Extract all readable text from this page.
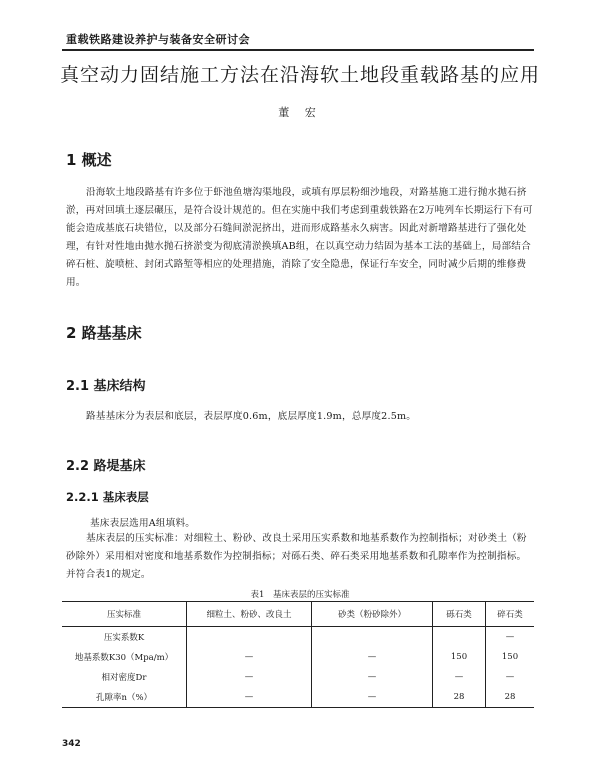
重载铁路建设养护与装备安全研讨会
真空动力固结施工方法在沿海软土地段重载路基的应用
董 宏
1 概述
沿海软土地段路基有许多位于虾池鱼塘沟渠地段，或填有厚层粉细沙地段，对路基施工进行抛水抛石挤淤，再对回填土逐层碾压，是符合设计规范的。但在实施中我们考虑到重载铁路在2万吨列车长期运行下有可能会造成基底石块错位，以及部分石缝间淤泥挤出，进而形成路基永久病害。因此对新增路基进行了强化处理，有针对性地由抛水抛石挤淤变为彻底清淤换填AB组，在以真空动力结固为基本工法的基础上，局部结合碎石桩、旋喷桩、封闭式路堑等相应的处理措施，消除了安全隐患，保证行车安全，同时减少后期的维修费用。
2 路基基床
2.1 基床结构
路基基床分为表层和底层，表层厚度0.6m，底层厚度1.9m，总厚度2.5m。
2.2 路堤基床
2.2.1 基床表层
基床表层选用A组填料。
基床表层的压实标准：对细粒土、粉砂、改良土采用压实系数和地基系数作为控制指标；对砂类土（粉砂除外）采用相对密度和地基系数作为控制指标；对砾石类、碎石类采用地基系数和孔隙率作为控制指标。并符合表1的规定。
表1　基床表层的压实标准
压实标准	细粒土、粉砂、改良土	砂类（粉砂除外）	砾石类	碎石类
压实系数K				—
地基系数K30（Mpa/m）	—	—	150	150
相对密度Dr	—	—	—	—
孔隙率n（%）	—	—	28	28
342
